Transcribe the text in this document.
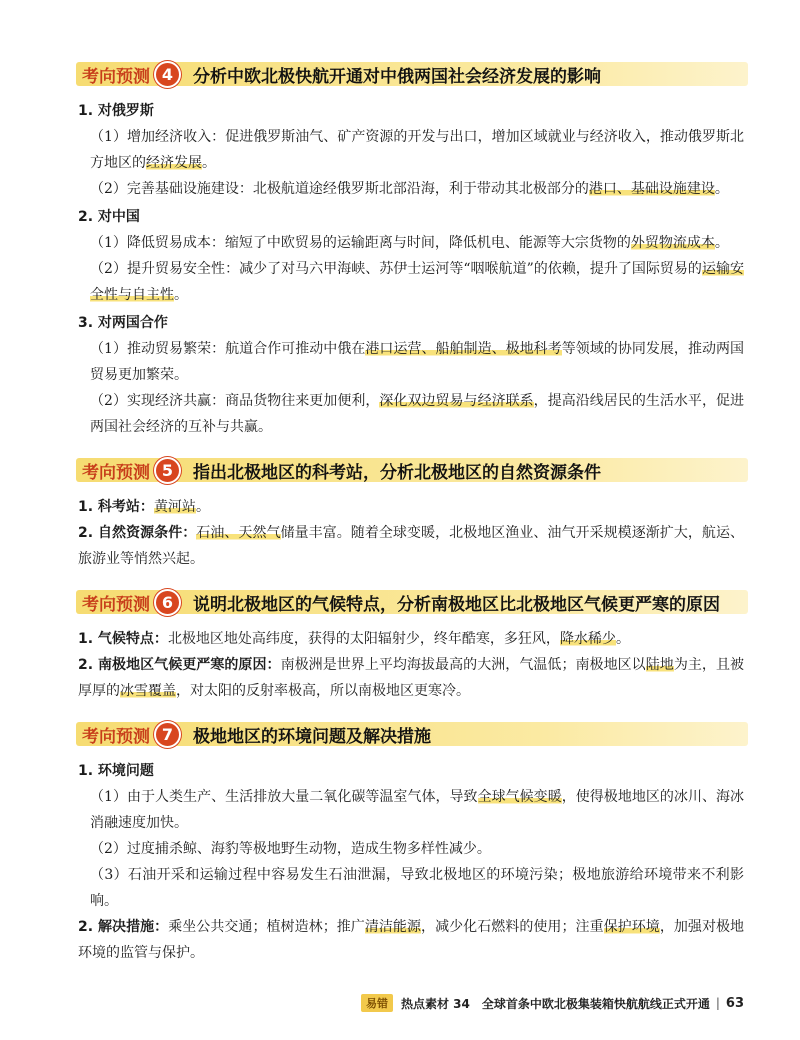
考向预测 4	分析中欧北极快航开通对中俄两国社会经济发展的影响
1. 对俄罗斯

（1）增加经济收入：促进俄罗斯油气、矿产资源的开发与出口，增加区域就业与经济收入，推动俄罗斯北方地区的经济发展。

（2）完善基础设施建设：北极航道途经俄罗斯北部沿海，利于带动其北极部分的港口、基础设施建设。

2. 对中国

（1）降低贸易成本：缩短了中欧贸易的运输距离与时间，降低机电、能源等大宗货物的外贸物流成本。

（2）提升贸易安全性：减少了对马六甲海峡、苏伊士运河等“咽喉航道”的依赖，提升了国际贸易的运输安全性与自主性。

3. 对两国合作

（1）推动贸易繁荣：航道合作可推动中俄在港口运营、船舶制造、极地科考等领域的协同发展，推动两国贸易更加繁荣。

（2）实现经济共赢：商品货物往来更加便利，深化双边贸易与经济联系，提高沿线居民的生活水平，促进两国社会经济的互补与共赢。

考向预测 5	指出北极地区的科考站，分析北极地区的自然资源条件

1. 科考站：黄河站。

2. 自然资源条件：石油、天然气储量丰富。随着全球变暖，北极地区渔业、油气开采规模逐渐扩大，航运、旅游业等悄然兴起。

考向预测 6	说明北极地区的气候特点，分析南极地区比北极地区气候更严寒的原因

1. 气候特点：北极地区地处高纬度，获得的太阳辐射少，终年酷寒，多狂风，降水稀少。

2. 南极地区气候更严寒的原因：南极洲是世界上平均海拔最高的大洲，气温低；南极地区以陆地为主，且被厚厚的冰雪覆盖，对太阳的反射率极高，所以南极地区更寒冷。

考向预测 7	极地地区的环境问题及解决措施
1. 环境问题

（1）由于人类生产、生活排放大量二氧化碳等温室气体，导致全球气候变暖，使得极地地区的冰川、海冰消融速度加快。

（2）过度捕杀鲸、海豹等极地野生动物，造成生物多样性减少。

（3）石油开采和运输过程中容易发生石油泄漏，导致北极地区的环境污染；极地旅游给环境带来不利影响。

2. 解决措施：乘坐公共交通；植树造林；推广清洁能源，减少化石燃料的使用；注重保护环境，加强对极地环境的监管与保护。

易错	热点素材 34　全球首条中欧北极集装箱快航航线正式开通 | 63
